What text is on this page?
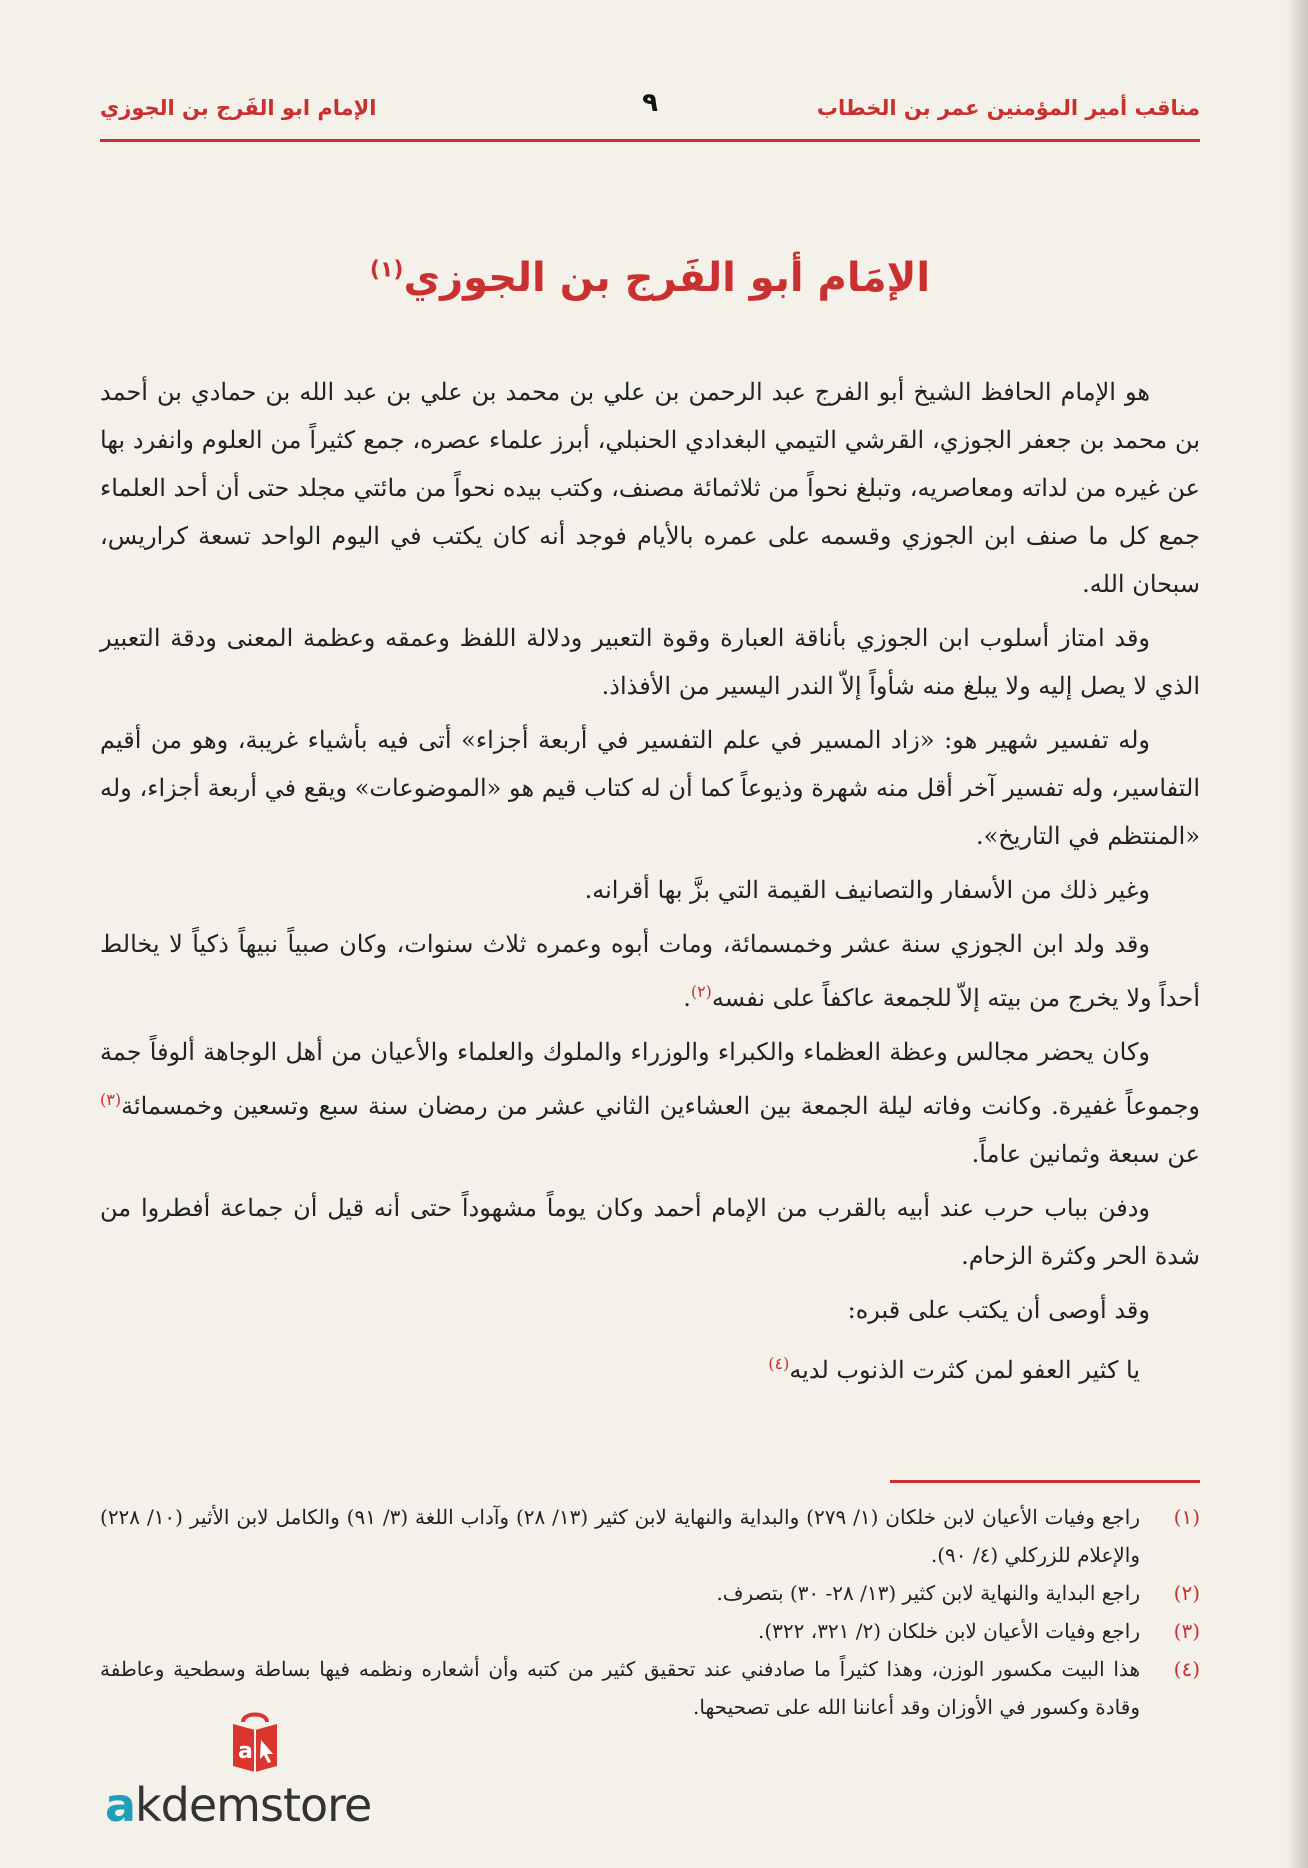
مناقب أمير المؤمنين عمر بن الخطاب
٩
الإمام ابو الفَرج بن الجوزي
الإمَام أبو الفَرج بن الجوزي$^{(١)}$

هو الإمام الحافظ الشيخ أبو الفرج عبد الرحمن بن علي بن محمد بن علي بن عبد الله بن حمادي بن أحمد بن محمد بن جعفر الجوزي، القرشي التيمي البغدادي الحنبلي، أبرز علماء عصره، جمع كثيراً من العلوم وانفرد بها عن غيره من لداته ومعاصريه، وتبلغ نحواً من ثلاثمائة مصنف، وكتب بيده نحواً من مائتي مجلد حتى أن أحد العلماء جمع كل ما صنف ابن الجوزي وقسمه على عمره بالأيام فوجد أنه كان يكتب في اليوم الواحد تسعة كراريس، سبحان الله.

وقد امتاز أسلوب ابن الجوزي بأناقة العبارة وقوة التعبير ودلالة اللفظ وعمقه وعظمة المعنى ودقة التعبير الذي لا يصل إليه ولا يبلغ منه شأواً إلاّ الندر اليسير من الأفذاذ.

وله تفسير شهير هو: «زاد المسير في علم التفسير في أربعة أجزاء» أتى فيه بأشياء غريبة، وهو من أقيم التفاسير، وله تفسير آخر أقل منه شهرة وذيوعاً كما أن له كتاب قيم هو «الموضوعات» ويقع في أربعة أجزاء، وله «المنتظم في التاريخ».

وغير ذلك من الأسفار والتصانيف القيمة التي بزَّ بها أقرانه.

وقد ولد ابن الجوزي سنة عشر وخمسمائة، ومات أبوه وعمره ثلاث سنوات، وكان صبياً نبيهاً ذكياً لا يخالط أحداً ولا يخرج من بيته إلاّ للجمعة عاكفاً على نفسه$^{(٢)}$.

وكان يحضر مجالس وعظة العظماء والكبراء والوزراء والملوك والعلماء والأعيان من أهل الوجاهة ألوفاً جمة وجموعاً غفيرة. وكانت وفاته ليلة الجمعة بين العشاءين الثاني عشر من رمضان سنة سبع وتسعين وخمسمائة$^{(٣)}$ عن سبعة وثمانين عاماً.

ودفن بباب حرب عند أبيه بالقرب من الإمام أحمد وكان يوماً مشهوداً حتى أنه قيل أن جماعة أفطروا من شدة الحر وكثرة الزحام.

وقد أوصى أن يكتب على قبره:

يا كثير العفو لمن كثرت الذنوب لديه$^{(٤)}$
(١)
راجع وفيات الأعيان لابن خلكان (١/ ٢٧٩) والبداية والنهاية لابن كثير (١٣/ ٢٨) وآداب اللغة (٣/ ٩١) والكامل لابن الأثير (١٠/ ٢٢٨) والإعلام للزركلي (٤/ ٩٠).
(٢)
راجع البداية والنهاية لابن كثير (١٣/ ٢٨- ٣٠) بتصرف.
(٣)
راجع وفيات الأعيان لابن خلكان (٢/ ٣٢١، ٣٢٢).
(٤)
هذا البيت مكسور الوزن، وهذا كثيراً ما صادفني عند تحقيق كثير من كتبه وأن أشعاره ونظمه فيها بساطة وسطحية وعاطفة وقادة وكسور في الأوزان وقد أعاننا الله على تصحيحها.
a
akdemstore
